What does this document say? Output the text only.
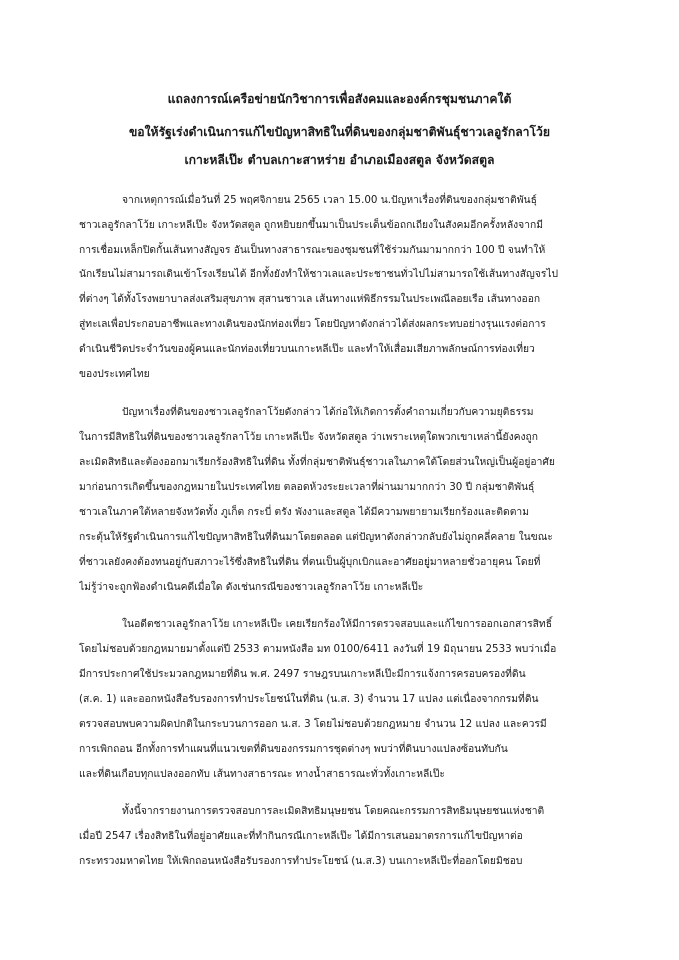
แถลงการณ์เครือข่ายนักวิชาการเพื่อสังคมและองค์กรชุมชนภาคใต้
ขอให้รัฐเร่งดำเนินการแก้ไขปัญหาสิทธิในที่ดินของกลุ่มชาติพันธุ์ชาวเลอูรักลาโว้ย
เกาะหลีเป๊ะ ตำบลเกาะสาหร่าย อำเภอเมืองสตูล จังหวัดสตูล
จากเหตุการณ์เมื่อวันที่ 25 พฤศจิกายน 2565 เวลา 15.00 น.ปัญหาเรื่องที่ดินของกลุ่มชาติพันธุ์
ชาวเลอูรักลาโว้ย เกาะหลีเป๊ะ จังหวัดสตูล ถูกหยิบยกขึ้นมาเป็นประเด็นข้อถกเถียงในสังคมอีกครั้งหลังจากมี
การเชื่อมเหล็กปิดกั้นเส้นทางสัญจร อันเป็นทางสาธารณะของชุมชนที่ใช้ร่วมกันมามากกว่า 100 ปี จนทำให้
นักเรียนไม่สามารถเดินเข้าโรงเรียนได้ อีกทั้งยังทำให้ชาวเลและประชาชนทั่วไปไม่สามารถใช้เส้นทางสัญจรไป
ที่ต่างๆ ได้ทั้งโรงพยาบาลส่งเสริมสุขภาพ สุสานชาวเล เส้นทางแห่พิธีกรรมในประเพณีลอยเรือ เส้นทางออก
สู่ทะเลเพื่อประกอบอาชีพและทางเดินของนักท่องเที่ยว โดยปัญหาดังกล่าวได้ส่งผลกระทบอย่างรุนแรงต่อการ
ดำเนินชีวิตประจำวันของผู้คนและนักท่องเที่ยวบนเกาะหลีเป๊ะ และทำให้เสื่อมเสียภาพลักษณ์การท่องเที่ยว
ของประเทศไทย
ปัญหาเรื่องที่ดินของชาวเลอูรักลาโว้ยดังกล่าว ได้ก่อให้เกิดการตั้งคำถามเกี่ยวกับความยุติธรรม
ในการมีสิทธิในที่ดินของชาวเลอูรักลาโว้ย เกาะหลีเป๊ะ จังหวัดสตูล ว่าเพราะเหตุใดพวกเขาเหล่านี้ยังคงถูก
ละเมิดสิทธิและต้องออกมาเรียกร้องสิทธิในที่ดิน ทั้งที่กลุ่มชาติพันธุ์ชาวเลในภาคใต้โดยส่วนใหญ่เป็นผู้อยู่อาศัย
มาก่อนการเกิดขึ้นของกฎหมายในประเทศไทย ตลอดห้วงระยะเวลาที่ผ่านมามากกว่า 30 ปี กลุ่มชาติพันธุ์
ชาวเลในภาคใต้หลายจังหวัดทั้ง ภูเก็ต กระบี่ ตรัง พังงาและสตูล ได้มีความพยายามเรียกร้องและติดตาม
กระตุ้นให้รัฐดำเนินการแก้ไขปัญหาสิทธิในที่ดินมาโดยตลอด แต่ปัญหาดังกล่าวกลับยังไม่ถูกคลี่คลาย ในขณะ
ที่ชาวเลยังคงต้องทนอยู่กับสภาวะไร้ซึ่งสิทธิในที่ดิน ที่ตนเป็นผู้บุกเบิกและอาศัยอยู่มาหลายชั่วอายุคน โดยที่
ไม่รู้ว่าจะถูกฟ้องดำเนินคดีเมื่อใด ดังเช่นกรณีของชาวเลอูรักลาโว้ย เกาะหลีเป๊ะ
ในอดีตชาวเลอูรักลาโว้ย เกาะหลีเป๊ะ เคยเรียกร้องให้มีการตรวจสอบและแก้ไขการออกเอกสารสิทธิ์
โดยไม่ชอบด้วยกฎหมายมาตั้งแต่ปี 2533 ตามหนังสือ มท 0100/6411 ลงวันที่ 19 มิถุนายน 2533 พบว่าเมื่อ
มีการประกาศใช้ประมวลกฎหมายที่ดิน พ.ศ. 2497 ราษฎรบนเกาะหลีเป๊ะมีการแจ้งการครอบครองที่ดิน
(ส.ค. 1) และออกหนังสือรับรองการทำประโยชน์ในที่ดิน (น.ส. 3) จำนวน 17 แปลง แต่เนื่องจากกรมที่ดิน
ตรวจสอบพบความผิดปกติในกระบวนการออก น.ส. 3 โดยไม่ชอบด้วยกฎหมาย จำนวน 12 แปลง และควรมี
การเพิกถอน อีกทั้งการทำแผนที่แนวเขตที่ดินของกรรมการชุดต่างๆ พบว่าที่ดินบางแปลงซ้อนทับกัน
และที่ดินเกือบทุกแปลงออกทับ เส้นทางสาธารณะ ทางน้ำสาธารณะทั่วทั้งเกาะหลีเป๊ะ
ทั้งนี้จากรายงานการตรวจสอบการละเมิดสิทธิมนุษยชน โดยคณะกรรมการสิทธิมนุษยชนแห่งชาติ
เมื่อปี 2547 เรื่องสิทธิในที่อยู่อาศัยและที่ทำกินกรณีเกาะหลีเป๊ะ ได้มีการเสนอมาตรการแก้ไขปัญหาต่อ
กระทรวงมหาดไทย ให้เพิกถอนหนังสือรับรองการทำประโยชน์ (น.ส.3) บนเกาะหลีเป๊ะที่ออกโดยมิชอบ
